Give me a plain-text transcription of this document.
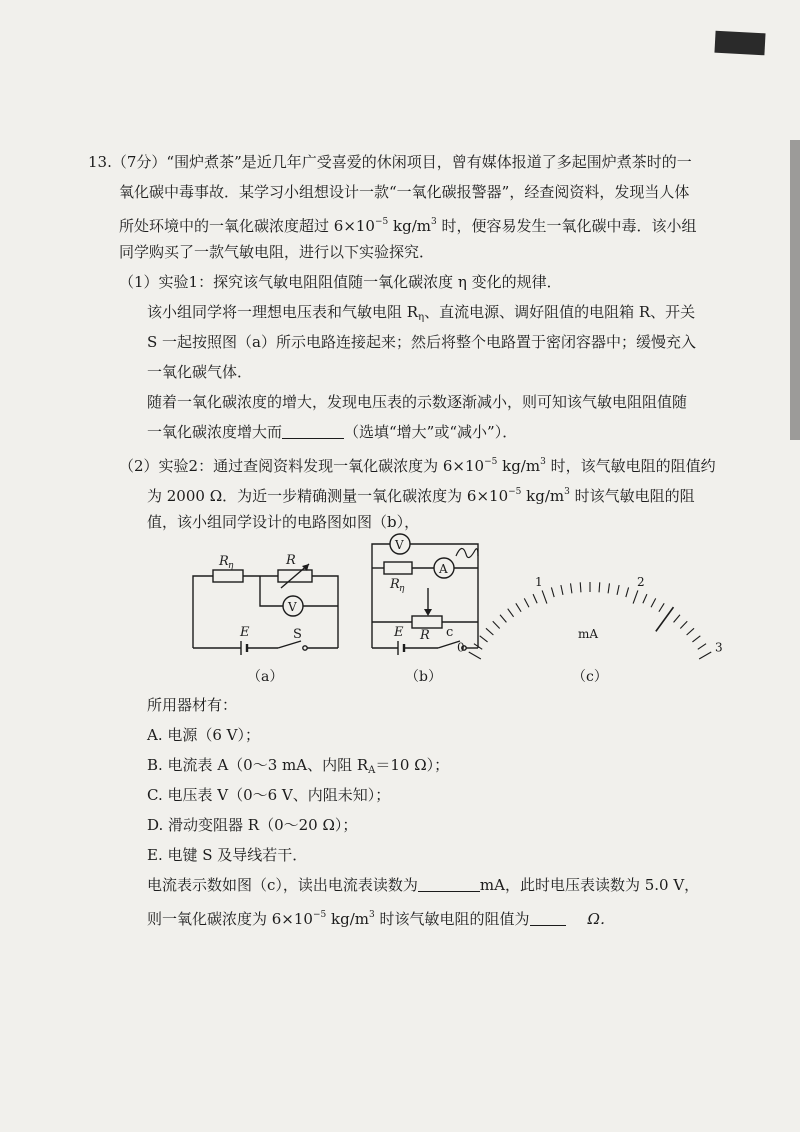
13.（7分）“围炉煮茶”是近几年广受喜爱的休闲项目，曾有媒体报道了多起围炉煮茶时的一
氧化碳中毒事故．某学习小组想设计一款“一氧化碳报警器”，经查阅资料，发现当人体
所处环境中的一氧化碳浓度超过 $6\times 10^{-5}$ $kg/m^3$ 时，便容易发生一氧化碳中毒．该小组
同学购买了一款气敏电阻，进行以下实验探究．
（1）实验1：探究该气敏电阻阻值随一氧化碳浓度 η 变化的规律．
该小组同学将一理想电压表和气敏电阻 $R_\eta$、直流电源、调好阻值的电阻箱 R、开关
S 一起按照图（a）所示电路连接起来；然后将整个电路置于密闭容器中；缓慢充入
一氧化碳气体．
随着一氧化碳浓度的增大，发现电压表的示数逐渐减小，则可知该气敏电阻阻值随
一氧化碳浓度增大而	（选填“增大”或“减小”）．
（2）实验2：通过查阅资料发现一氧化碳浓度为 $6\times 10^{-5}$ $kg/m^3$ 时，该气敏电阻的阻值约
为 2000 Ω．为近一步精确测量一氧化碳浓度为 $6\times 10^{-5}$ $kg/m^3$ 时该气敏电阻的阻
值，该小组同学设计的电路图如图（b），
R η	R
V
E	S
（a）
V
A
R η
R
E	c
（b）
0
1	2
3
mA
（c）
所用器材有：
A. 电源（6 V）；
B. 电流表 A（0～3 mA、内阻 $R_A=10$ Ω）；
C. 电压表 V（0～6 V、内阻未知）；
D. 滑动变阻器 R（0～20 Ω）；
E. 电键 S 及导线若干．
电流表示数如图（c），读出电流表读数为	mA，此时电压表读数为 5.0 V，
则一氧化碳浓度为 $6\times 10^{-5}$ $kg/m^3$ 时该气敏电阻的阻值为	Ω．
